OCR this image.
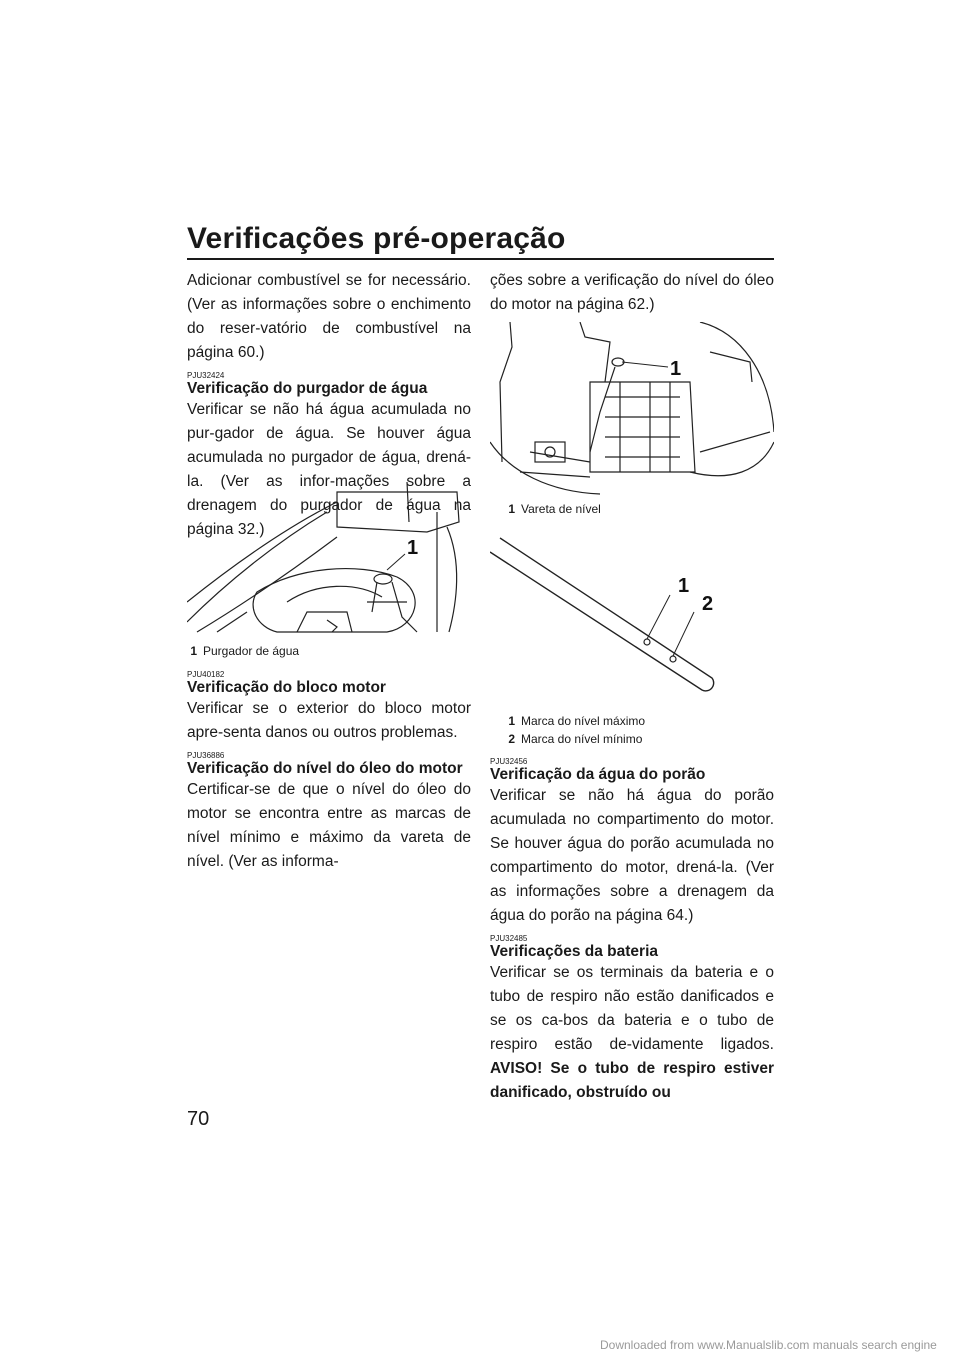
Verificações pré-operação

Adicionar combustível se for necessário. (Ver as informações sobre o enchimento do reser-vatório de combustível na página 60.)

PJU32424
Verificação do purgador de água

Verificar se não há água acumulada no pur-gador de água. Se houver água acumulada no purgador de água, drená-la. (Ver as infor-mações sobre a drenagem do purgador de água na página 32.)

1
1 Purgador de água
PJU40182
Verificação do bloco motor

Verificar se o exterior do bloco motor apre-senta danos ou outros problemas.

PJU36886
Verificação do nível do óleo do motor

Certificar-se de que o nível do óleo do motor se encontra entre as marcas de nível mínimo e máximo da vareta de nível. (Ver as informa-

ções sobre a verificação do nível do óleo do motor na página 62.)

1
1 Vareta de nível
1
2
1 Marca do nível máximo
2 Marca do nível mínimo
PJU32456
Verificação da água do porão

Verificar se não há água do porão acumulada no compartimento do motor. Se houver água do porão acumulada no compartimento do motor, drená-la. (Ver as informações sobre a drenagem da água do porão na página 64.)

PJU32485
Verificações da bateria

Verificar se os terminais da bateria e o tubo de respiro não estão danificados e se os ca-bos da bateria e o tubo de respiro estão de-vidamente ligados. AVISO! Se o tubo de respiro estiver danificado, obstruído ou

70
Downloaded from www.Manualslib.com manuals search engine
